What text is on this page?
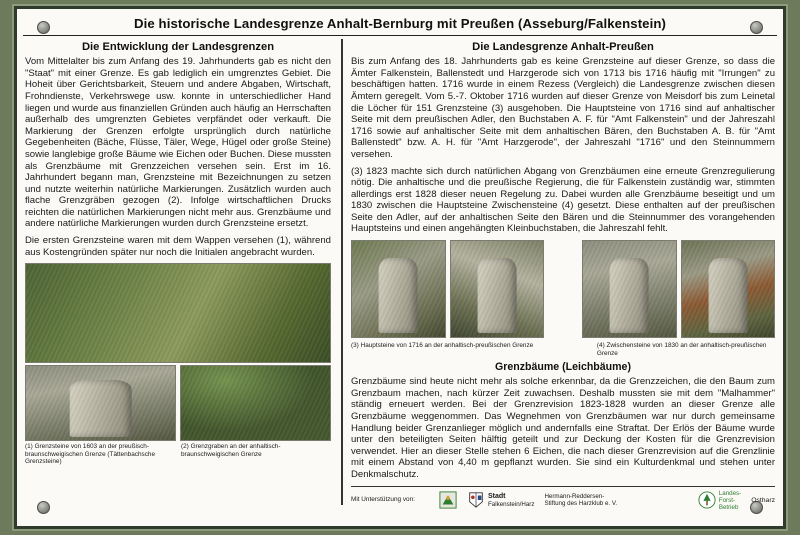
Die historische Landesgrenze Anhalt-Bernburg mit Preußen (Asseburg/Falkenstein)
Die Entwicklung der Landesgrenzen

Vom Mittelalter bis zum Anfang des 19. Jahrhunderts gab es nicht den "Staat" mit einer Grenze. Es gab lediglich ein umgrenztes Gebiet. Die Hoheit über Gerichtsbarkeit, Steuern und andere Abgaben, Wirtschaft, Frohndienste, Verkehrswege usw. konnte in unterschiedlicher Hand liegen und wurde aus finanziellen Gründen auch häufig an Herrschaften außerhalb des umgrenzten Gebietes verpfändet oder verkauft. Die Markierung der Grenzen erfolgte ursprünglich durch natürliche Gegebenheiten (Bäche, Flüsse, Täler, Wege, Hügel oder große Steine) sowie langlebige große Bäume wie Eichen oder Buchen. Diese mussten als Grenzbäume mit Grenzzeichen versehen sein. Erst im 16. Jahrhundert begann man, Grenzsteine mit Bezeichnungen zu setzen und nutzte weiterhin natürliche Markierungen. Zusätzlich wurden auch flache Grenzgräben gezogen (2). Infolge wirtschaftlichen Drucks reichten die natürlichen Markierungen nicht mehr aus. Grenzbäume und andere natürliche Markierungen wurden durch Grenzsteine ersetzt.

Die ersten Grenzsteine waren mit dem Wappen versehen (1), während aus Kostengründen später nur noch die Initialen angebracht wurden.

(1) Grenzsteine von 1603 an der preußisch-braunschweigischen Grenze (Tättenbachsche Grenzsteine)
(2) Grenzgraben an der anhaltisch-braunschweigischen Grenze
Die Landesgrenze Anhalt-Preußen

Bis zum Anfang des 18. Jahrhunderts gab es keine Grenzsteine auf dieser Grenze, so dass die Ämter Falkenstein, Ballenstedt und Harzgerode sich von 1713 bis 1716 häufig mit "Irrungen" zu beschäftigen hatten. 1716 wurde in einem Rezess (Vergleich) die Landesgrenze zwischen diesen Ämtern geregelt. Vom 5.-7. Oktober 1716 wurden auf dieser Grenze von Meisdorf bis zum Leinetal die Löcher für 151 Grenzsteine (3) ausgehoben. Die Hauptsteine von 1716 sind auf anhaltischer Seite mit dem preußischen Adler, den Buchstaben A. F. für "Amt Falkenstein" und der Jahreszahl 1716 sowie auf anhaltischer Seite mit dem anhaltischen Bären, den Buchstaben A. B. für "Amt Ballenstedt" bzw. A. H. für "Amt Harzgerode", der Jahreszahl "1716" und den Steinnummern versehen.

(3) 1823 machte sich durch natürlichen Abgang von Grenzbäumen eine erneute Grenzregulierung nötig. Die anhaltische und die preußische Regierung, die für Falkenstein zuständig war, stimmten allerdings erst 1828 dieser neuen Regelung zu. Dabei wurden alle Grenzbäume beseitigt und um 1830 zwischen die Hauptsteine Zwischensteine (4) gesetzt. Diese enthalten auf der preußischen Seite den Adler, auf der anhaltischen Seite den Bären und die Steinnummer des vorangehenden Hauptsteins und einen angehängten Kleinbuchstaben, die Jahreszahl fehlt.

(3) Hauptsteine von 1716 an der anhaltisch-preußischen Grenze	(4) Zwischensteine von 1830 an der anhaltisch-preußischen Grenze
Grenzbäume (Leichbäume)

Grenzbäume sind heute nicht mehr als solche erkennbar, da die Grenzzeichen, die den Baum zum Grenzbaum machen, nach kürzer Zeit zuwachsen. Deshalb mussten sie mit dem "Malhammer" ständig erneuert werden. Bei der Grenzrevision 1823-1828 wurden an dieser Grenze alle Grenzbäume weggenommen. Das Wegnehmen von Grenzbäumen war nur durch gemeinsame Handlung beider Grenzanlieger möglich und andernfalls eine Straftat. Der Erlös der Bäume wurde unter den beteiligten Seiten hälftig geteilt und zur Deckung der Kosten für die Grenzrevision verwendet. Hier an dieser Stelle stehen 6 Eichen, die nach dieser Grenzrevision auf die Grenzlinie mit einem Abstand von 4,40 m gepflanzt wurden. Sie sind ein Kulturdenkmal und stehen unter Denkmalschutz.

Mit Unterstützung von:
Stadt
Falkenstein/Harz
Hermann-Reddersen-
Stiftung des Harzklub e. V.
Landes-
Forst-
Betrieb
Ostharz
